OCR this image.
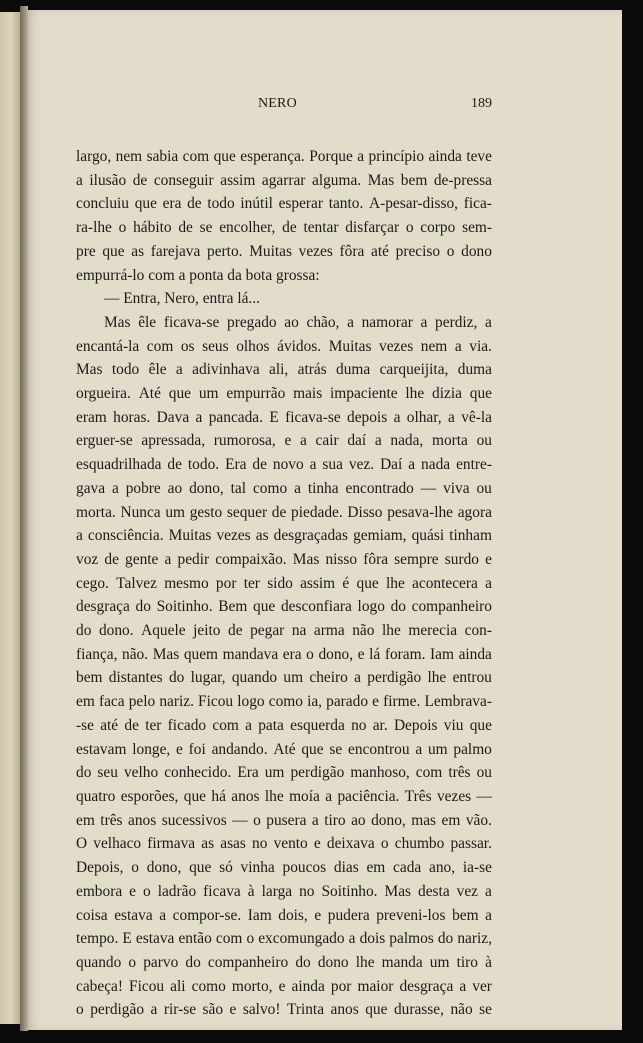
NERO	189
largo, nem sabia com que esperança. Porque a princípio ainda teve
a ilusão de conseguir assim agarrar alguma. Mas bem de-pressa
concluiu que era de todo inútil esperar tanto. A-pesar-disso, fica-
ra-lhe o hábito de se encolher, de tentar disfarçar o corpo sem-
pre que as farejava perto. Muitas vezes fôra até preciso o dono
empurrá-lo com a ponta da bota grossa:
— Entra, Nero, entra lá...
Mas êle ficava-se pregado ao chão, a namorar a perdiz, a
encantá-la com os seus olhos ávidos. Muitas vezes nem a via.
Mas todo êle a adivinhava ali, atrás duma carqueijita, duma
orgueira. Até que um empurrão mais impaciente lhe dizia que
eram horas. Dava a pancada. E ficava-se depois a olhar, a vê-la
erguer-se apressada, rumorosa, e a cair daí a nada, morta ou
esquadrilhada de todo. Era de novo a sua vez. Daí a nada entre-
gava a pobre ao dono, tal como a tinha encontrado — viva ou
morta. Nunca um gesto sequer de piedade. Disso pesava-lhe agora
a consciência. Muitas vezes as desgraçadas gemiam, quási tinham
voz de gente a pedir compaixão. Mas nisso fôra sempre surdo e
cego. Talvez mesmo por ter sido assim é que lhe acontecera a
desgraça do Soitinho. Bem que desconfiara logo do companheiro
do dono. Aquele jeito de pegar na arma não lhe merecia con-
fiança, não. Mas quem mandava era o dono, e lá foram. Iam ainda
bem distantes do lugar, quando um cheiro a perdigão lhe entrou
em faca pelo nariz. Ficou logo como ia, parado e firme. Lembrava-
-se até de ter ficado com a pata esquerda no ar. Depois viu que
estavam longe, e foi andando. Até que se encontrou a um palmo
do seu velho conhecido. Era um perdigão manhoso, com três ou
quatro esporões, que há anos lhe moía a paciência. Três vezes —
em três anos sucessivos — o pusera a tiro ao dono, mas em vão.
O velhaco firmava as asas no vento e deixava o chumbo passar.
Depois, o dono, que só vinha poucos dias em cada ano, ia-se
embora e o ladrão ficava à larga no Soitinho. Mas desta vez a
coisa estava a compor-se. Iam dois, e pudera preveni-los bem a
tempo. E estava então com o excomungado a dois palmos do nariz,
quando o parvo do companheiro do dono lhe manda um tiro à
cabeça! Ficou ali como morto, e ainda por maior desgraça a ver
o perdigão a rir-se são e salvo! Trinta anos que durasse, não se
